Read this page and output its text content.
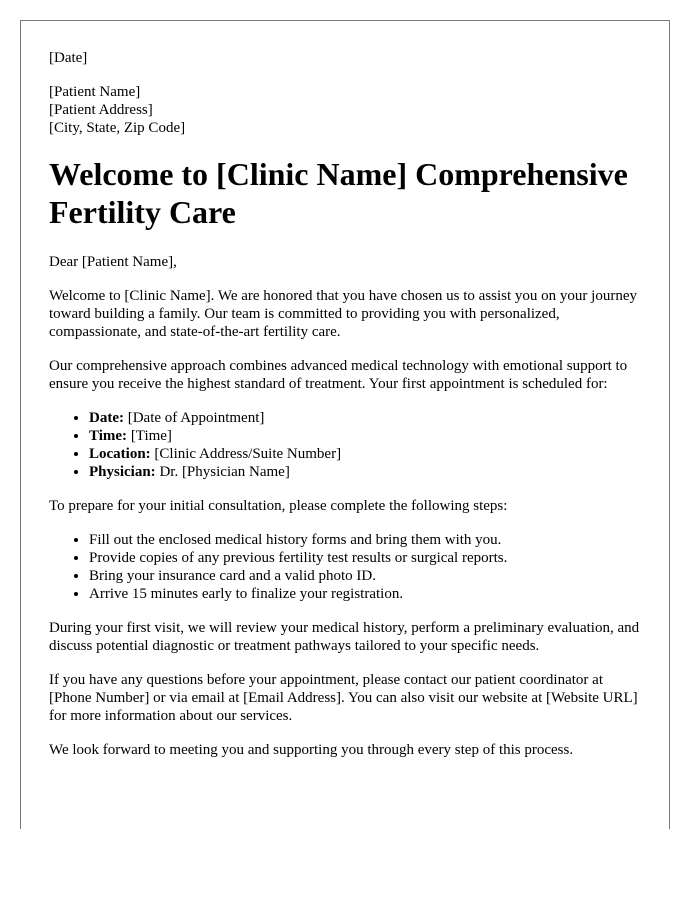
[Date]
[Patient Name]
[Patient Address]
[City, State, Zip Code]
Welcome to [Clinic Name] Comprehensive Fertility Care

Dear [Patient Name],

Welcome to [Clinic Name]. We are honored that you have chosen us to assist you on your journey toward building a family. Our team is committed to providing you with personalized, compassionate, and state-of-the-art fertility care.

Our comprehensive approach combines advanced medical technology with emotional support to ensure you receive the highest standard of treatment. Your first appointment is scheduled for:

• Date: [Date of Appointment]
• Time: [Time]
• Location: [Clinic Address/Suite Number]
• Physician: Dr. [Physician Name]

To prepare for your initial consultation, please complete the following steps:

• Fill out the enclosed medical history forms and bring them with you.
• Provide copies of any previous fertility test results or surgical reports.
• Bring your insurance card and a valid photo ID.
• Arrive 15 minutes early to finalize your registration.

During your first visit, we will review your medical history, perform a preliminary evaluation, and discuss potential diagnostic or treatment pathways tailored to your specific needs.

If you have any questions before your appointment, please contact our patient coordinator at [Phone Number] or via email at [Email Address]. You can also visit our website at [Website URL] for more information about our services.

We look forward to meeting you and supporting you through every step of this process.
